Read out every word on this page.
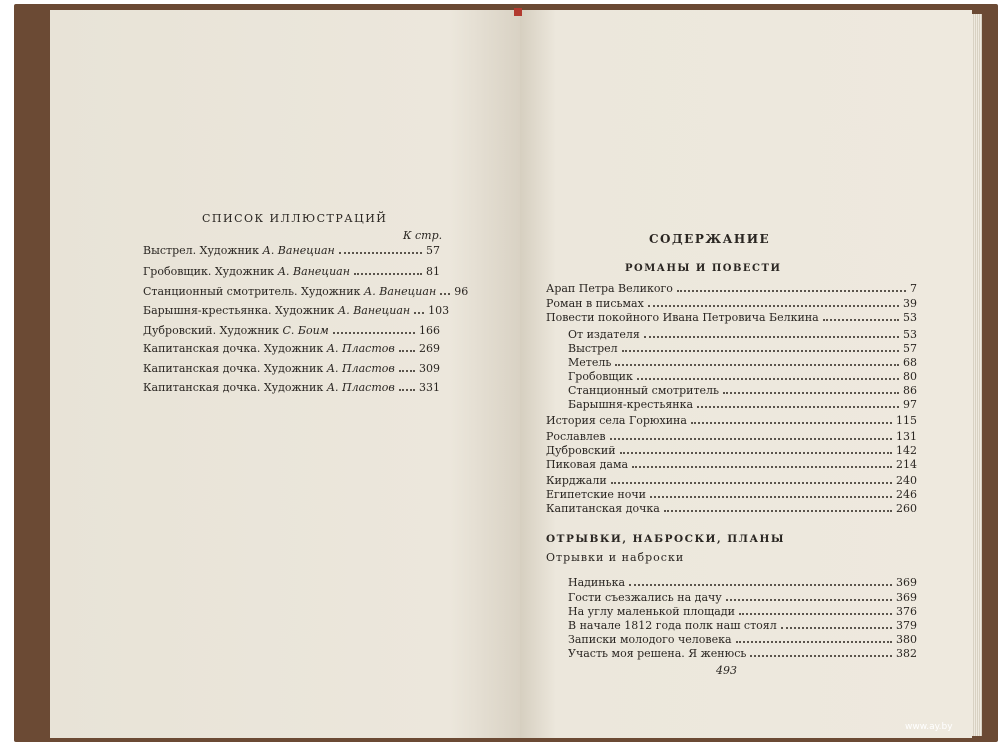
СПИСОК ИЛЛЮСТРАЦИЙ
К стр.
Выстрел. Художник А. Ванециан	57
Гробовщик. Художник А. Ванециан	81
Станционный смотритель. Художник А. Ванециан 96
Барышня-крестьянка. Художник А. Ванециан 103
Дубровский. Художник С. Боим	166
Капитанская дочка. Художник А. Пластов 269
Капитанская дочка. Художник А. Пластов 309
Капитанская дочка. Художник А. Пластов 331
СОДЕРЖАНИЕ
РОМАНЫ И ПОВЕСТИ
Арап Петра Великого	7
Роман в письмах	39
Повести покойного Ивана Петровича Белкина	53
От издателя	53
Выстрел	57
Метель	68
Гробовщик	80
Станционный смотритель	86
Барышня-крестьянка	97
История села Горюхина	115
Рославлев	131
Дубровский	142
Пиковая дама	214
Кирджали	240
Египетские ночи	246
Капитанская дочка	260
ОТРЫВКИ, НАБРОСКИ, ПЛАНЫ
Отрывки и наброски
Надинька	369
Гости съезжались на дачу	369
На углу маленькой площади	376
В начале 1812 года полк наш стоял	379
Записки молодого человека	380
Участь моя решена. Я женюсь	382
493
www.ay.by
